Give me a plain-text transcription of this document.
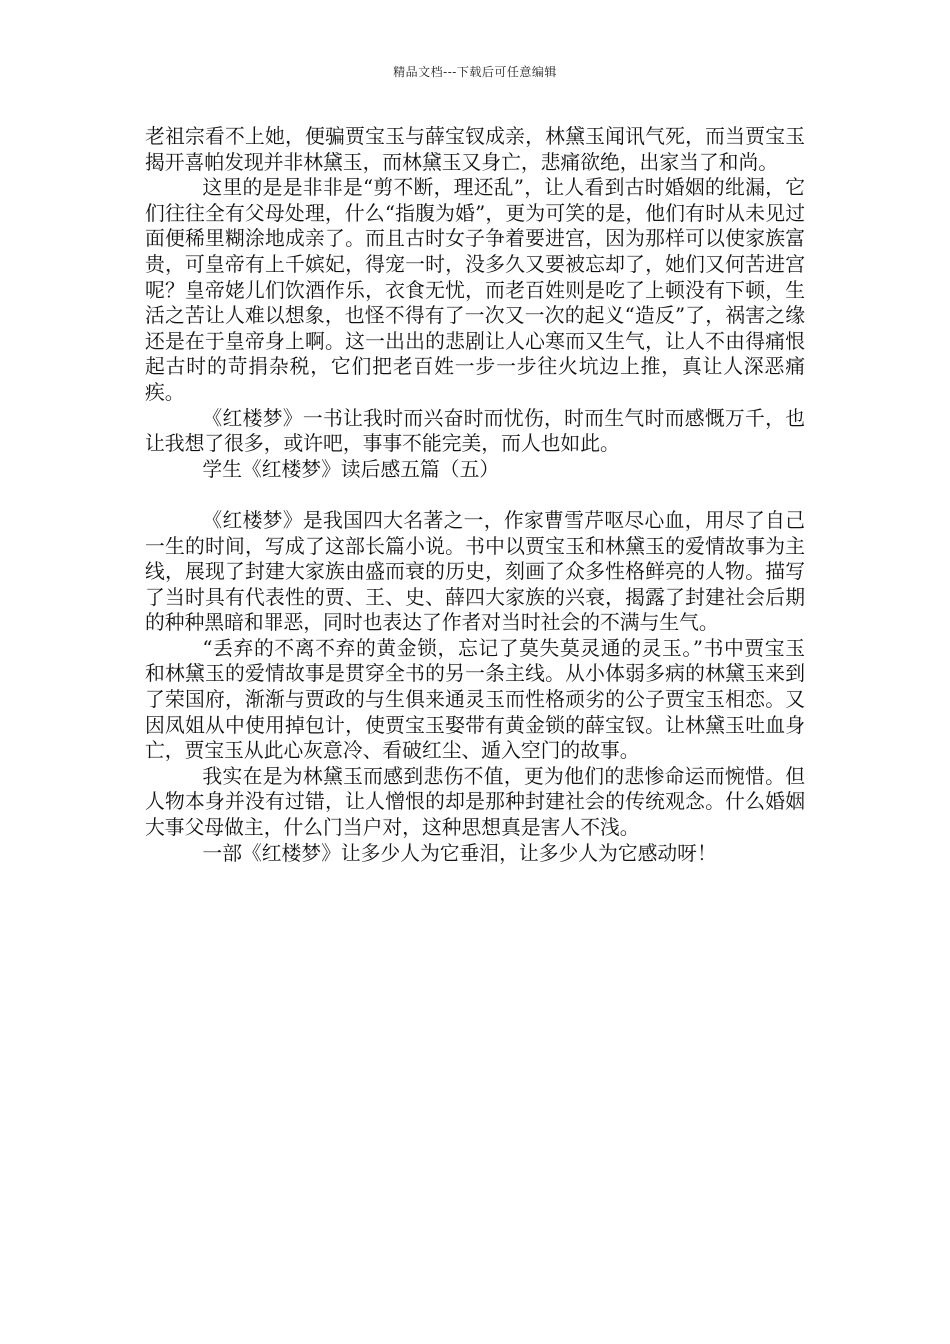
精品文档---下载后可任意编辑

老祖宗看不上她，便骗贾宝玉与薛宝钗成亲，林黛玉闻讯气死，而当贾宝玉揭开喜帕发现并非林黛玉，而林黛玉又身亡，悲痛欲绝，出家当了和尚。

这里的是是非非是“剪不断，理还乱”，让人看到古时婚姻的纰漏，它们往往全有父母处理，什么“指腹为婚”，更为可笑的是，他们有时从未见过面便稀里糊涂地成亲了。而且古时女子争着要进宫，因为那样可以使家族富贵，可皇帝有上千嫔妃，得宠一时，没多久又要被忘却了，她们又何苦进宫呢？皇帝姥儿们饮酒作乐，衣食无忧，而老百姓则是吃了上顿没有下顿，生活之苦让人难以想象，也怪不得有了一次又一次的起义“造反”了，祸害之缘还是在于皇帝身上啊。这一出出的悲剧让人心寒而又生气，让人不由得痛恨起古时的苛捐杂税，它们把老百姓一步一步往火坑边上推，真让人深恶痛疾。

《红楼梦》一书让我时而兴奋时而忧伤，时而生气时而感慨万千，也让我想了很多，或许吧，事事不能完美，而人也如此。

学生《红楼梦》读后感五篇（五）

《红楼梦》是我国四大名著之一，作家曹雪芹呕尽心血，用尽了自己一生的时间，写成了这部长篇小说。书中以贾宝玉和林黛玉的爱情故事为主线，展现了封建大家族由盛而衰的历史，刻画了众多性格鲜亮的人物。描写了当时具有代表性的贾、王、史、薛四大家族的兴衰，揭露了封建社会后期的种种黑暗和罪恶，同时也表达了作者对当时社会的不满与生气。

“丢弃的不离不弃的黄金锁，忘记了莫失莫灵通的灵玉。”书中贾宝玉和林黛玉的爱情故事是贯穿全书的另一条主线。从小体弱多病的林黛玉来到了荣国府，渐渐与贾政的与生俱来通灵玉而性格顽劣的公子贾宝玉相恋。又因凤姐从中使用掉包计，使贾宝玉娶带有黄金锁的薛宝钗。让林黛玉吐血身亡，贾宝玉从此心灰意冷、看破红尘、遁入空门的故事。

我实在是为林黛玉而感到悲伤不值，更为他们的悲惨命运而惋惜。但人物本身并没有过错，让人憎恨的却是那种封建社会的传统观念。什么婚姻大事父母做主，什么门当户对，这种思想真是害人不浅。

一部《红楼梦》让多少人为它垂泪，让多少人为它感动呀！
